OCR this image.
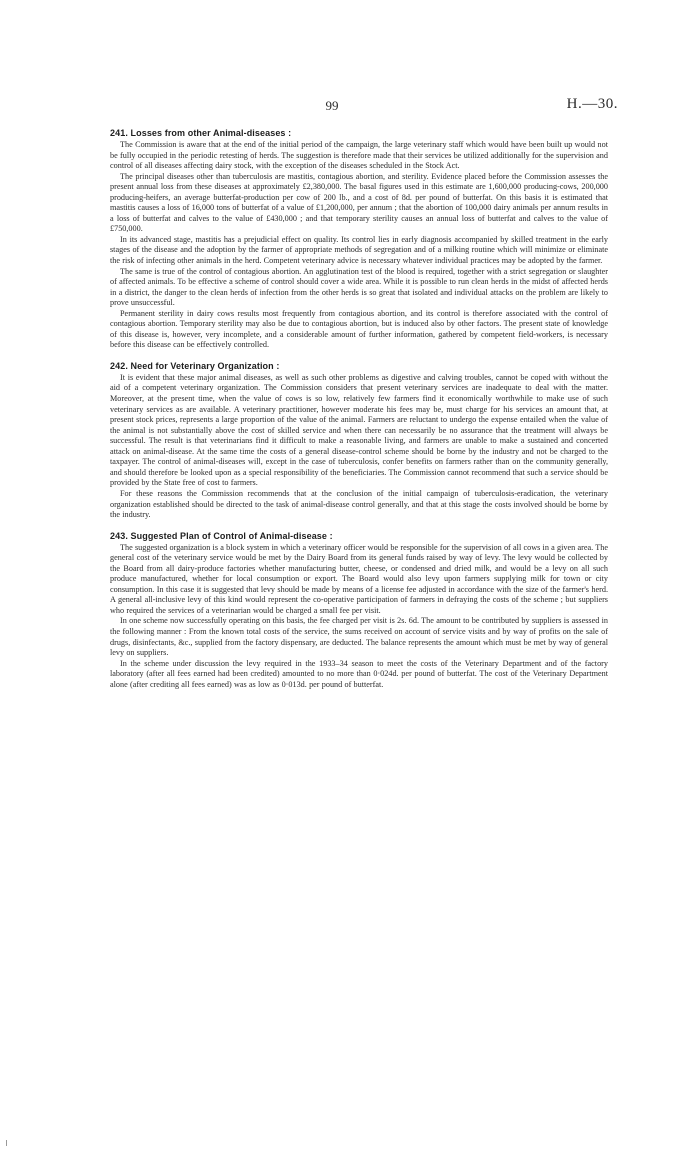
99	H.—30.
241. Losses from other Animal-diseases :

The Commission is aware that at the end of the initial period of the campaign, the large veterinary staff which would have been built up would not be fully occupied in the periodic retesting of herds. The suggestion is therefore made that their services be utilized additionally for the supervision and control of all diseases affecting dairy stock, with the exception of the diseases scheduled in the Stock Act.

The principal diseases other than tuberculosis are mastitis, contagious abortion, and sterility. Evidence placed before the Commission assesses the present annual loss from these diseases at approximately £2,380,000. The basal figures used in this estimate are 1,600,000 producing-cows, 200,000 producing-heifers, an average butterfat-production per cow of 200 lb., and a cost of 8d. per pound of butterfat. On this basis it is estimated that mastitis causes a loss of 16,000 tons of butterfat of a value of £1,200,000, per annum ; that the abortion of 100,000 dairy animals per annum results in a loss of butterfat and calves to the value of £430,000 ; and that temporary sterility causes an annual loss of butterfat and calves to the value of £750,000.

In its advanced stage, mastitis has a prejudicial effect on quality. Its control lies in early diagnosis accompanied by skilled treatment in the early stages of the disease and the adoption by the farmer of appropriate methods of segregation and of a milking routine which will minimize or eliminate the risk of infecting other animals in the herd. Competent veterinary advice is necessary whatever individual practices may be adopted by the farmer.

The same is true of the control of contagious abortion. An agglutination test of the blood is required, together with a strict segregation or slaughter of affected animals. To be effective a scheme of control should cover a wide area. While it is possible to run clean herds in the midst of affected herds in a district, the danger to the clean herds of infection from the other herds is so great that isolated and individual attacks on the problem are likely to prove unsuccessful.

Permanent sterility in dairy cows results most frequently from contagious abortion, and its control is therefore associated with the control of contagious abortion. Temporary sterility may also be due to contagious abortion, but is induced also by other factors. The present state of knowledge of this disease is, however, very incomplete, and a considerable amount of further information, gathered by competent field-workers, is necessary before this disease can be effectively controlled.

242. Need for Veterinary Organization :

It is evident that these major animal diseases, as well as such other problems as digestive and calving troubles, cannot be coped with without the aid of a competent veterinary organization. The Commission considers that present veterinary services are inadequate to deal with the matter. Moreover, at the present time, when the value of cows is so low, relatively few farmers find it economically worthwhile to make use of such veterinary services as are available. A veterinary practitioner, however moderate his fees may be, must charge for his services an amount that, at present stock prices, represents a large proportion of the value of the animal. Farmers are reluctant to undergo the expense entailed when the value of the animal is not substantially above the cost of skilled service and when there can necessarily be no assurance that the treatment will always be successful. The result is that veterinarians find it difficult to make a reasonable living, and farmers are unable to make a sustained and concerted attack on animal-disease. At the same time the costs of a general disease-control scheme should be borne by the industry and not be charged to the taxpayer. The control of animal-diseases will, except in the case of tuberculosis, confer benefits on farmers rather than on the community generally, and should therefore be looked upon as a special responsibility of the beneficiaries. The Commission cannot recommend that such a service should be provided by the State free of cost to farmers.

For these reasons the Commission recommends that at the conclusion of the initial campaign of tuberculosis-eradication, the veterinary organization established should be directed to the task of animal-disease control generally, and that at this stage the costs involved should be borne by the industry.

243. Suggested Plan of Control of Animal-disease :

The suggested organization is a block system in which a veterinary officer would be responsible for the supervision of all cows in a given area. The general cost of the veterinary service would be met by the Dairy Board from its general funds raised by way of levy. The levy would be collected by the Board from all dairy-produce factories whether manufacturing butter, cheese, or condensed and dried milk, and would be a levy on all such produce manufactured, whether for local consumption or export. The Board would also levy upon farmers supplying milk for town or city consumption. In this case it is suggested that levy should be made by means of a license fee adjusted in accordance with the size of the farmer's herd. A general all-inclusive levy of this kind would represent the co-operative participation of farmers in defraying the costs of the scheme ; but suppliers who required the services of a veterinarian would be charged a small fee per visit.

In one scheme now successfully operating on this basis, the fee charged per visit is 2s. 6d. The amount to be contributed by suppliers is assessed in the following manner : From the known total costs of the service, the sums received on account of service visits and by way of profits on the sale of drugs, disinfectants, &c., supplied from the factory dispensary, are deducted. The balance represents the amount which must be met by way of general levy on suppliers.

In the scheme under discussion the levy required in the 1933–34 season to meet the costs of the Veterinary Department and of the factory laboratory (after all fees earned had been credited) amounted to no more than 0·024d. per pound of butterfat. The cost of the Veterinary Department alone (after crediting all fees earned) was as low as 0·013d. per pound of butterfat.
